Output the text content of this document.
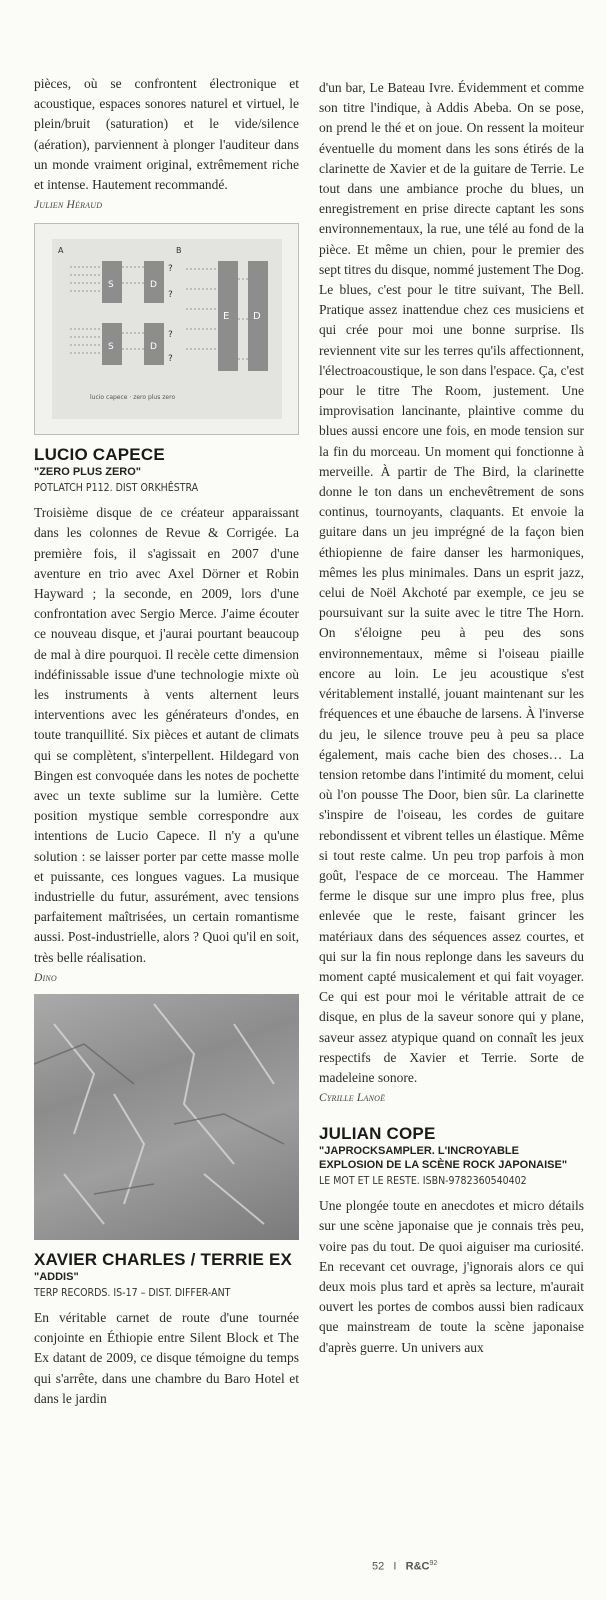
pièces, où se confrontent électronique et acoustique, espaces sonores naturel et virtuel, le plein/bruit (saturation) et le vide/silence (aération), parviennent à plonger l'auditeur dans un monde vraiment original, extrêmement riche et intense. Hautement recommandé.

Julien Héraud
A	B
S	D
S	D
E D
?
?
?
?
lucio capece · zero plus zero
LUCIO CAPECE
"ZERO PLUS ZERO"
POTLATCH P112. DIST ORKHÊSTRA

Troisième disque de ce créateur apparaissant dans les colonnes de Revue & Corrigée. La première fois, il s'agissait en 2007 d'une aventure en trio avec Axel Dörner et Robin Hayward ; la seconde, en 2009, lors d'une confrontation avec Sergio Merce. J'aime écouter ce nouveau disque, et j'aurai pourtant beaucoup de mal à dire pourquoi. Il recèle cette dimension indéfinissable issue d'une technologie mixte où les instruments à vents alternent leurs interventions avec les générateurs d'ondes, en toute tranquillité. Six pièces et autant de climats qui se complètent, s'interpellent. Hildegard von Bingen est convoquée dans les notes de pochette avec un texte sublime sur la lumière. Cette position mystique semble correspondre aux intentions de Lucio Capece. Il n'y a qu'une solution : se laisser porter par cette masse molle et puissante, ces longues vagues. La musique industrielle du futur, assurément, avec tensions parfaitement maîtrisées, un certain romantisme aussi. Post-industrielle, alors ? Quoi qu'il en soit, très belle réalisation.

Dino
XAVIER CHARLES / TERRIE EX
"ADDIS"
TERP RECORDS. IS-17 – DIST. DIFFER-ANT

En véritable carnet de route d'une tournée conjointe en Éthiopie entre Silent Block et The Ex datant de 2009, ce disque témoigne du temps qui s'arrête, dans une chambre du Baro Hotel et dans le jardin

d'un bar, Le Bateau Ivre. Évidemment et comme son titre l'indique, à Addis Abeba. On se pose, on prend le thé et on joue. On ressent la moiteur éventuelle du moment dans les sons étirés de la clarinette de Xavier et de la guitare de Terrie. Le tout dans une ambiance proche du blues, un enregistrement en prise directe captant les sons environnementaux, la rue, une télé au fond de la pièce. Et même un chien, pour le premier des sept titres du disque, nommé justement The Dog. Le blues, c'est pour le titre suivant, The Bell. Pratique assez inattendue chez ces musiciens et qui crée pour moi une bonne surprise. Ils reviennent vite sur les terres qu'ils affectionnent, l'électroacoustique, le son dans l'espace. Ça, c'est pour le titre The Room, justement. Une improvisation lancinante, plaintive comme du blues aussi encore une fois, en mode tension sur la fin du morceau. Un moment qui fonctionne à merveille. À partir de The Bird, la clarinette donne le ton dans un enchevêtrement de sons continus, tournoyants, claquants. Et envoie la guitare dans un jeu imprégné de la façon bien éthiopienne de faire danser les harmoniques, mêmes les plus minimales. Dans un esprit jazz, celui de Noël Akchoté par exemple, ce jeu se poursuivant sur la suite avec le titre The Horn. On s'éloigne peu à peu des sons environnementaux, même si l'oiseau piaille encore au loin. Le jeu acoustique s'est véritablement installé, jouant maintenant sur les fréquences et une ébauche de larsens. À l'inverse du jeu, le silence trouve peu à peu sa place également, mais cache bien des choses… La tension retombe dans l'intimité du moment, celui où l'on pousse The Door, bien sûr. La clarinette s'inspire de l'oiseau, les cordes de guitare rebondissent et vibrent telles un élastique. Même si tout reste calme. Un peu trop parfois à mon goût, l'espace de ce morceau. The Hammer ferme le disque sur une impro plus free, plus enlevée que le reste, faisant grincer les matériaux dans des séquences assez courtes, et qui sur la fin nous replonge dans les saveurs du moment capté musicalement et qui fait voyager. Ce qui est pour moi le véritable attrait de ce disque, en plus de la saveur sonore qui y plane, saveur assez atypique quand on connaît les jeux respectifs de Xavier et Terrie. Sorte de madeleine sonore.

Cyrille Lanoë
JULIAN COPE
"JAPROCKSAMPLER. L'INCROYABLE EXPLOSION DE LA SCÈNE ROCK JAPONAISE"
LE MOT ET LE RESTE. ISBN-9782360540402

Une plongée toute en anecdotes et micro détails sur une scène japonaise que je connais très peu, voire pas du tout. De quoi aiguiser ma curiosité. En recevant cet ouvrage, j'ignorais alors ce qui deux mois plus tard et après sa lecture, m'aurait ouvert les portes de combos aussi bien radicaux que mainstream de toute la scène japonaise d'après guerre. Un univers aux

52 I $R\&C^{92}$
